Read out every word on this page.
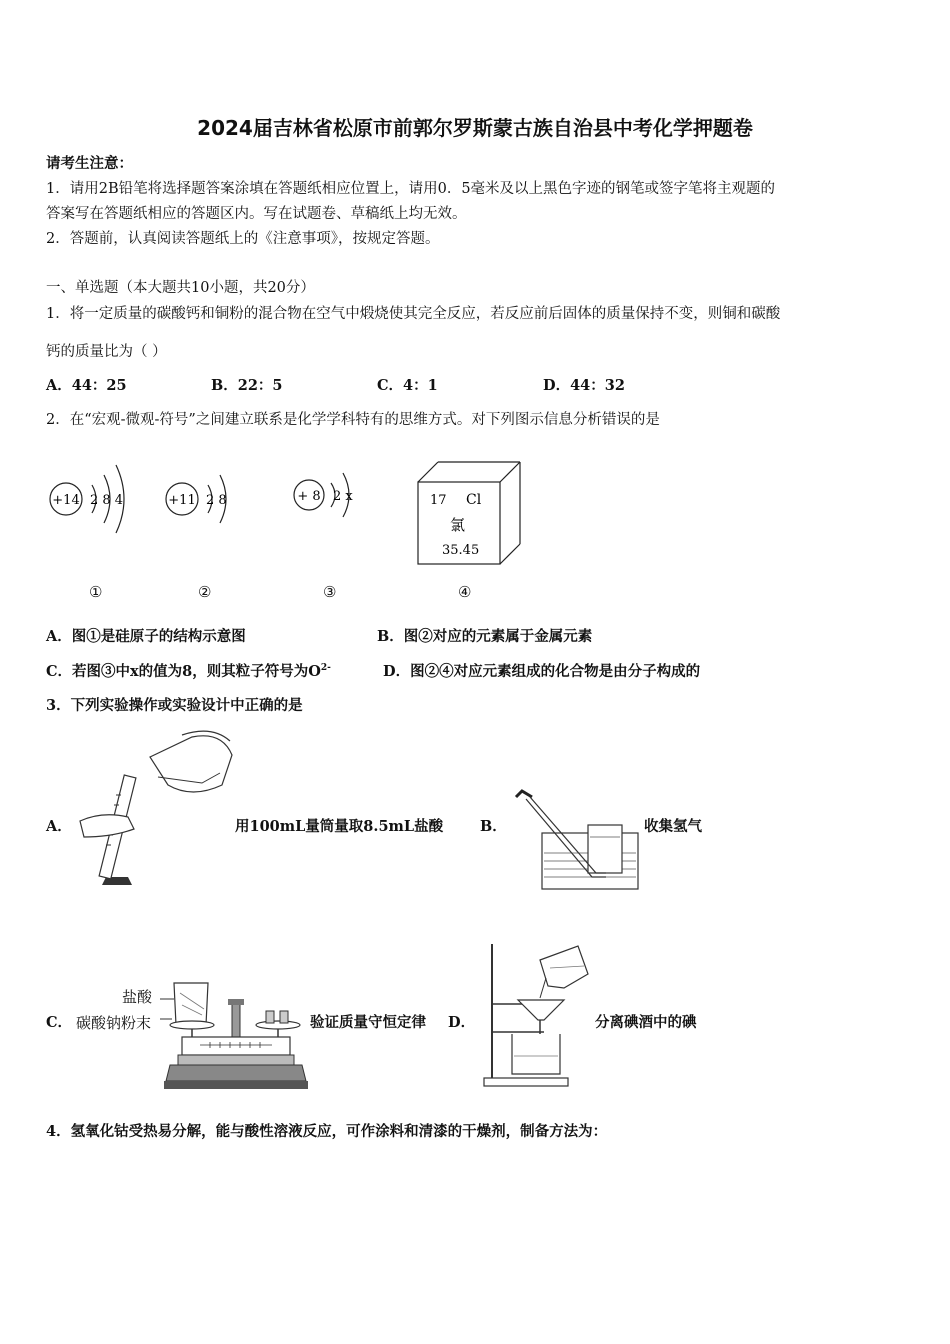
2024届吉林省松原市前郭尔罗斯蒙古族自治县中考化学押题卷
请考生注意：
1．请用2B铅笔将选择题答案涂填在答题纸相应位置上，请用0．5毫米及以上黑色字迹的钢笔或签字笔将主观题的
答案写在答题纸相应的答题区内。写在试题卷、草稿纸上均无效。
2．答题前，认真阅读答题纸上的《注意事项》，按规定答题。
一、单选题（本大题共10小题，共20分）
1．将一定质量的碳酸钙和铜粉的混合物在空气中煅烧使其完全反应，若反应前后固体的质量保持不变，则铜和碳酸
钙的质量比为（ ）
A．44：25	B．22：5	C．4：1	D．44：32
2．在“宏观-微观-符号”之间建立联系是化学学科特有的思维方式。对下列图示信息分析错误的是
+14 2 8 4
①
+11 2 8
②
+ 8 2 x
③
17 Cl
氯
35.45
④
A．图①是硅原子的结构示意图	B．图②对应的元素属于金属元素
C．若图③中x的值为8，则其粒子符号为$O^{2-}$	D．图②④对应元素组成的化合物是由分子构成的
3．下列实验操作或实验设计中正确的是
A．	用100mL量筒量取8.5mL盐酸	B．	收集氢气
C．
盐酸
碳酸钠粉末	验证质量守恒定律 D．	分离碘酒中的碘
4．氢氧化钴受热易分解，能与酸性溶液反应，可作涂料和清漆的干燥剂，制备方法为：
